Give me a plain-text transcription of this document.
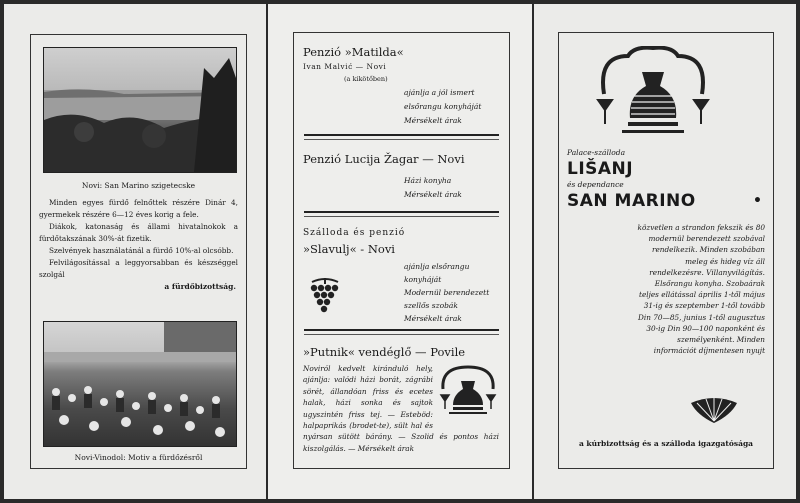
Novi: San Marino szigetecske

Minden egyes fürdő felnőttek részére Dinár 4, gyermekek részére 6—12 éves korig a fele.

Diákok, katonaság és állami hivatalnokok a fürdőtakszának 30%-át fizetik.

Szelvények használatánál a fürdő 10%-al olcsóbb.

Felvilágosítással a leggyorsabban és készséggel szolgál

a fürdőbizottság.
Novi-Vinodol: Motiv a fürdőzésről
Penzió »Matilda«
Ivan Malvić — Novi
(a kikötőben)
ajánlja a jól ismert
elsőrangu konyháját
Mérsékelt árak
Penzió Lucija Žagar — Novi
Házi konyha
Mérsékelt árak
Szálloda és penzió
»Slavulj« - Novi
ajánlja elsőrangu
konyháját
Modernül berendezett
szellős szobák
Mérsékelt árak
»Putnik« vendéglő — Povile
Noviról kedvelt kiránduló hely, ajánlja: valódi házi borát, zágrábi sörét, állandóan friss és ecetes halak, házi sonka és sajtok ugyszintén friss tej. — Esteböd: halpaprikás (brodet-te), sült hal és nyársan sütött bárány. — Szolid és pontos házi kiszolgálás. — Mérsékelt árak
Palace-szálloda
LIŠANJ
és dependance
SAN MARINO	•
közvetlen a strandon fekszik és 80 modernül berendezett szobával rendelkezik. Minden szobában meleg és hideg víz áll rendelkezésre. Villanyvilágítás. Elsőrangu konyha. Szobaárak teljes ellátással április 1-től május 31-ig és szeptember 1-től tovább Din 70—85, junius 1-től augusztus 30-ig Din 90—100 naponként és személyenként. Minden információt díjmentesen nyujt
a kúrbizottság és a szálloda igazgatósága
